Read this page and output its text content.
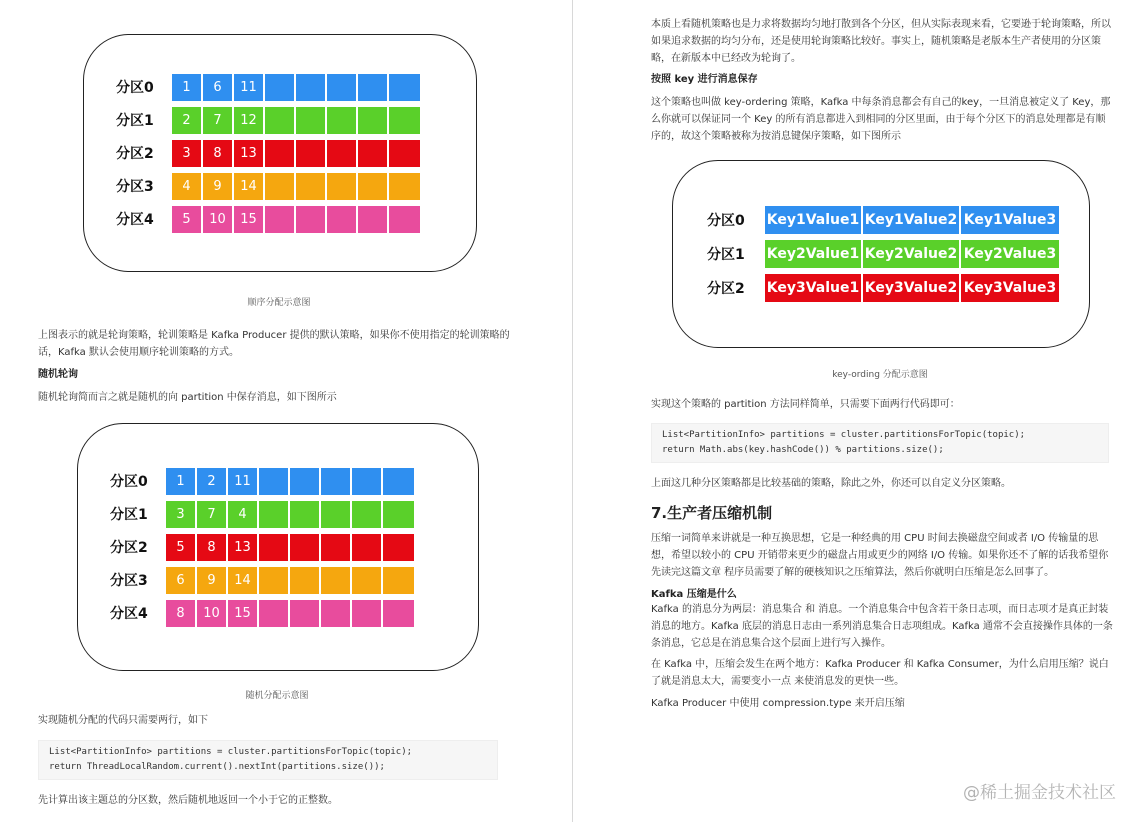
分区0	1	6	11
分区1	2	7	12
分区2	3	8	13
分区3	4	9	14
分区4	5	10	15
顺序分配示意图
上图表示的就是轮询策略，轮训策略是 Kafka Producer 提供的默认策略，如果你不使用指定的轮训策略的话，Kafka 默认会使用顺序轮训策略的方式。
随机轮询
随机轮询简而言之就是随机的向 partition 中保存消息，如下图所示
分区0	1	2	11
分区1	3	7	4
分区2	5	8	13
分区3	6	9	14
分区4	8	10	15
随机分配示意图
实现随机分配的代码只需要两行，如下
List<PartitionInfo> partitions = cluster.partitionsForTopic(topic);
return ThreadLocalRandom.current().nextInt(partitions.size());
先计算出该主题总的分区数，然后随机地返回一个小于它的正整数。
本质上看随机策略也是力求将数据均匀地打散到各个分区，但从实际表现来看，它要逊于轮询策略，所以如果追求数据的均匀分布，还是使用轮询策略比较好。事实上，随机策略是老版本生产者使用的分区策略，在新版本中已经改为轮询了。
按照 key 进行消息保存
这个策略也叫做 key-ordering 策略，Kafka 中每条消息都会有自己的key，一旦消息被定义了 Key，那么你就可以保证同一个 Key 的所有消息都进入到相同的分区里面，由于每个分区下的消息处理都是有顺序的，故这个策略被称为按消息键保序策略，如下图所示
分区0	Key1Value1 Key1Value2 Key1Value3
分区1	Key2Value1 Key2Value2 Key2Value3
分区2	Key3Value1 Key3Value2 Key3Value3
key-ording 分配示意图
实现这个策略的 partition 方法同样简单，只需要下面两行代码即可：
List<PartitionInfo> partitions = cluster.partitionsForTopic(topic);
return Math.abs(key.hashCode()) % partitions.size();
上面这几种分区策略都是比较基础的策略，除此之外，你还可以自定义分区策略。
7.生产者压缩机制
压缩一词简单来讲就是一种互换思想，它是一种经典的用 CPU 时间去换磁盘空间或者 I/O 传输量的思想，希望以较小的 CPU 开销带来更少的磁盘占用或更少的网络 I/O 传输。如果你还不了解的话我希望你先读完这篇文章 程序员需要了解的硬核知识之压缩算法，然后你就明白压缩是怎么回事了。
Kafka 压缩是什么
Kafka 的消息分为两层：消息集合 和 消息。一个消息集合中包含若干条日志项，而日志项才是真正封装消息的地方。Kafka 底层的消息日志由一系列消息集合日志项组成。Kafka 通常不会直接操作具体的一条条消息，它总是在消息集合这个层面上进行写入操作。
在 Kafka 中，压缩会发生在两个地方：Kafka Producer 和 Kafka Consumer，为什么启用压缩？说白了就是消息太大，需要变小一点 来使消息发的更快一些。
Kafka Producer 中使用 compression.type 来开启压缩
@稀土掘金技术社区
